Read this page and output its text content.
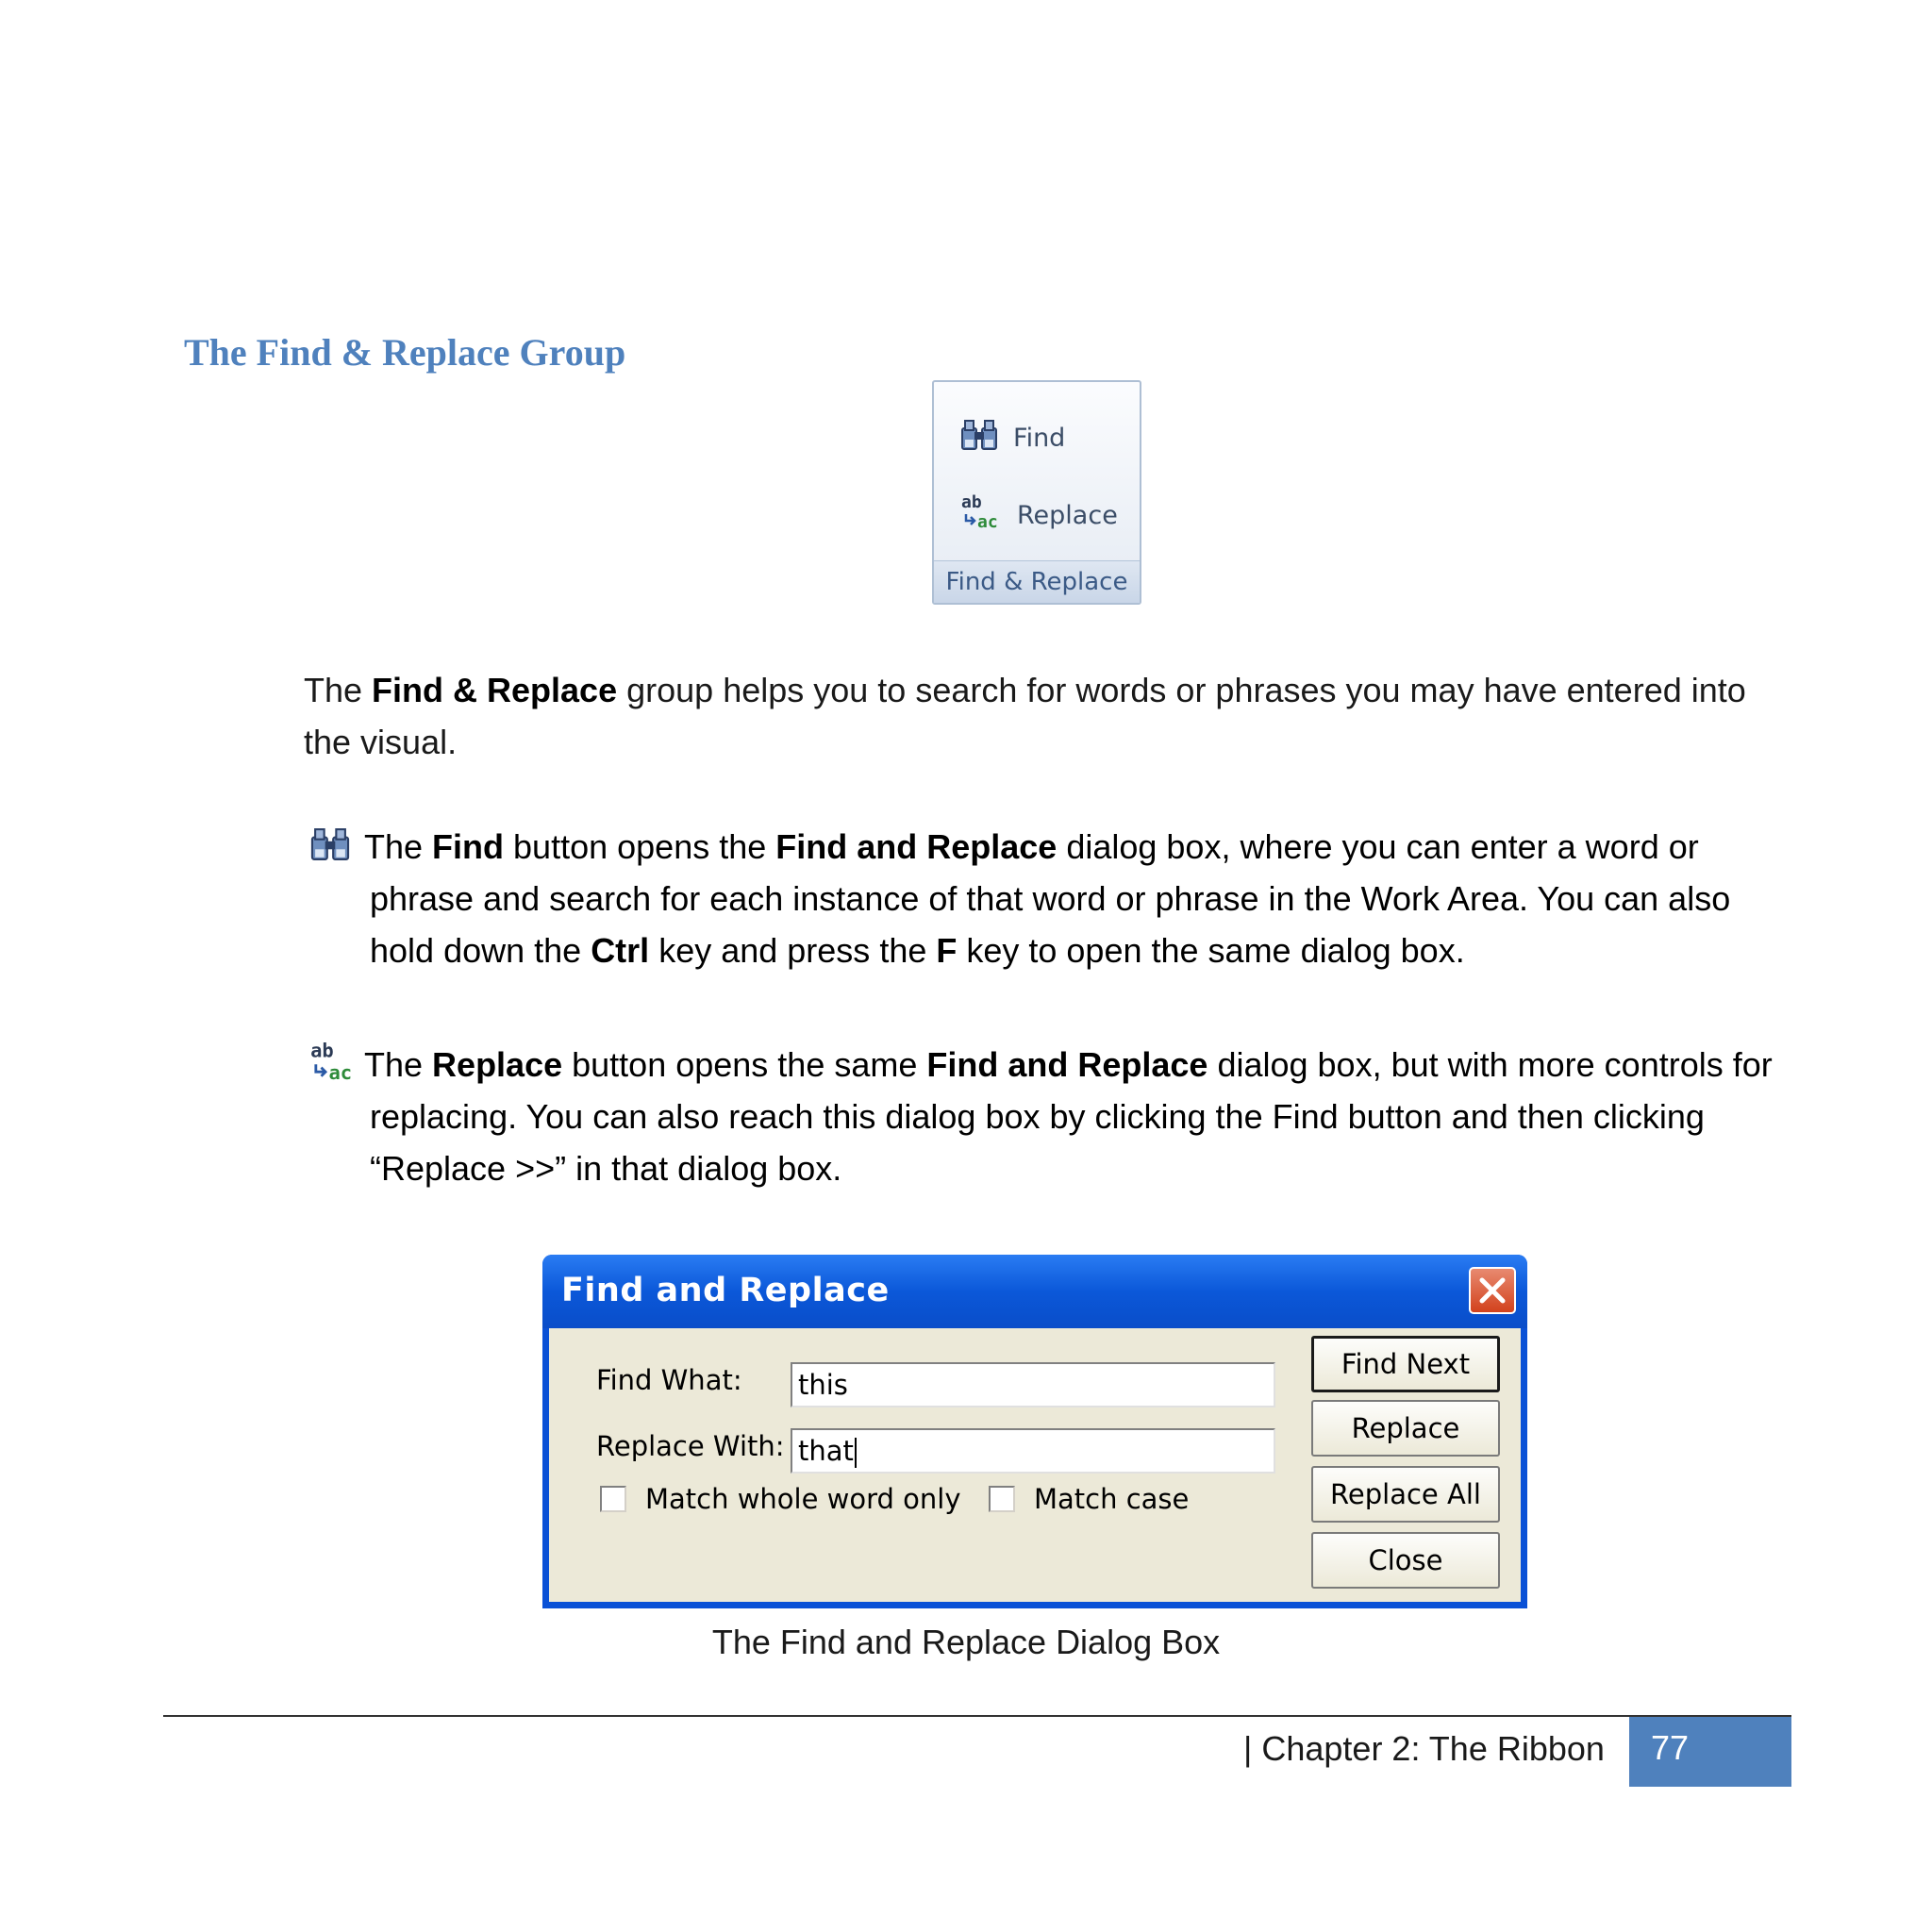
The Find & Replace Group
Find
ab
ac Replace
Find & Replace

The Find & Replace group helps you to search for words or phrases you may have entered into the visual.

The Find button opens the Find and Replace dialog box, where you can enter a word or phrase and search for each instance of that word or phrase in the Work Area. You can also hold down the Ctrl key and press the F key to open the same dialog box.

ab
ac The Replace button opens the same Find and Replace dialog box, but with more controls for replacing. You can also reach this dialog box by clicking the Find button and then clicking “Replace >>” in that dialog box.

Find and Replace
Find What: this
Replace With: that
Match whole word only	Match case
Find Next
Replace
Replace All
Close
The Find and Replace Dialog Box
| Chapter 2: The Ribbon 77
